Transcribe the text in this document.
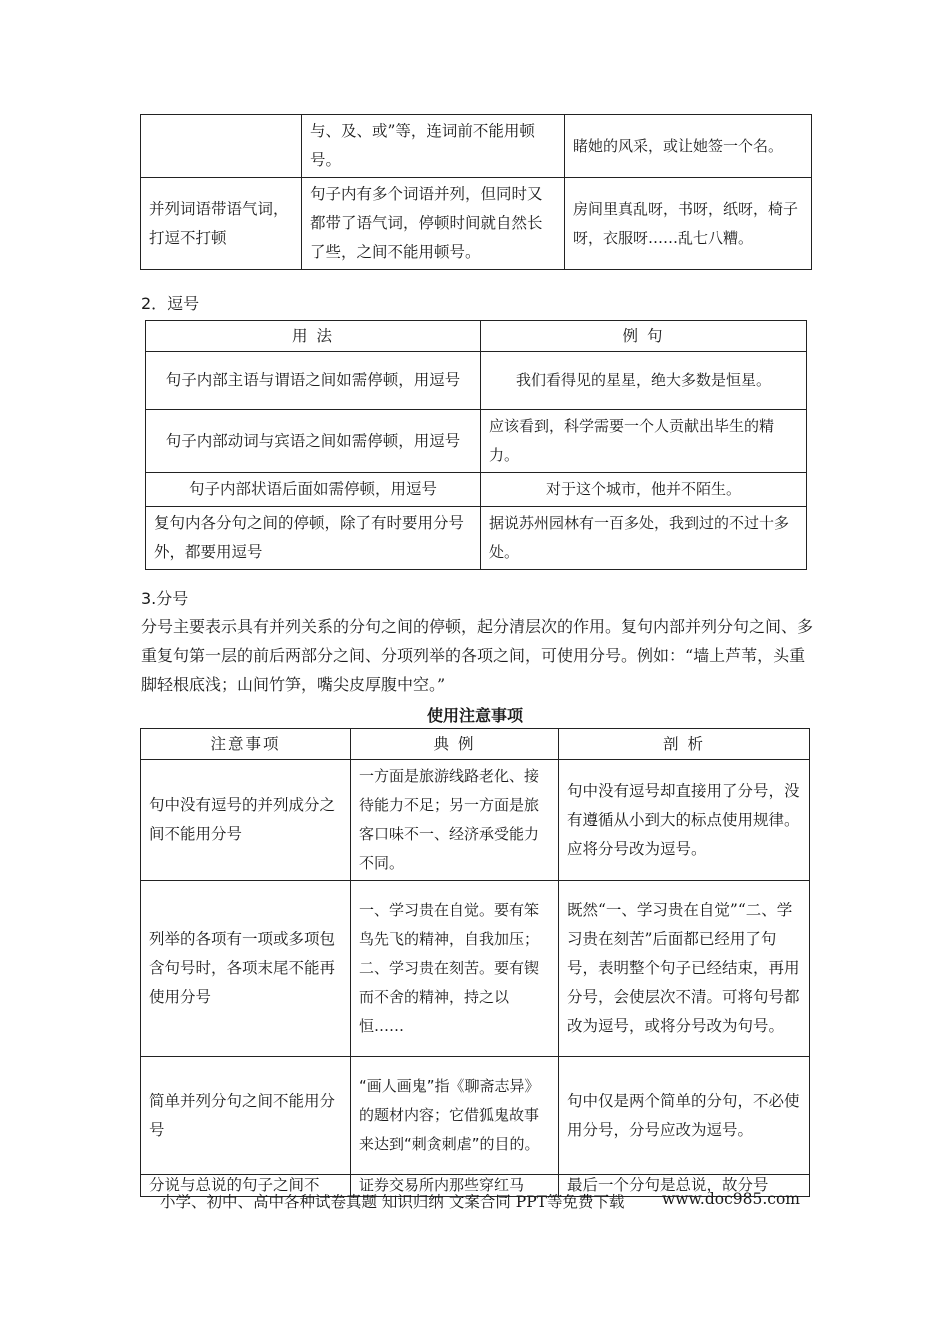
	与、及、或”等，连词前不能用顿号。	睹她的风采，或让她签一个名。
并列词语带语气词，打逗不打顿	句子内有多个词语并列，但同时又都带了语气词，停顿时间就自然长了些，之间不能用顿号。	房间里真乱呀，书呀，纸呀，椅子呀，衣服呀……乱七八糟。
2．逗号
用 法	例 句
句子内部主语与谓语之间如需停顿，用逗号	我们看得见的星星，绝大多数是恒星。
句子内部动词与宾语之间如需停顿，用逗号	应该看到，科学需要一个人贡献出毕生的精力。
句子内部状语后面如需停顿，用逗号	对于这个城市，他并不陌生。
复句内各分句之间的停顿，除了有时要用分号外，都要用逗号	据说苏州园林有一百多处，我到过的不过十多处。
3.分号
分号主要表示具有并列关系的分句之间的停顿，起分清层次的作用。复句内部并列分句之间、多重复句第一层的前后两部分之间、分项列举的各项之间，可使用分号。例如：“墙上芦苇，头重脚轻根底浅；山间竹笋，嘴尖皮厚腹中空。”
使用注意事项
注意事项	典 例	剖 析
句中没有逗号的并列成分之间不能用分号	一方面是旅游线路老化、接待能力不足；另一方面是旅客口味不一、经济承受能力不同。	句中没有逗号却直接用了分号，没有遵循从小到大的标点使用规律。应将分号改为逗号。
列举的各项有一项或多项包含句号时，各项末尾不能再使用分号	一、学习贵在自觉。要有笨鸟先飞的精神，自我加压；二、学习贵在刻苦。要有锲而不舍的精神，持之以恒……	既然“一、学习贵在自觉”“二、学习贵在刻苦”后面都已经用了句号，表明整个句子已经结束，再用分号，会使层次不清。可将句号都改为逗号，或将分号改为句号。
简单并列分句之间不能用分号	“画人画鬼”指《聊斋志异》的题材内容；它借狐鬼故事来达到“刺贪刺虐”的目的。	句中仅是两个简单的分句，不必使用分号，分号应改为逗号。
分说与总说的句子之间不	证券交易所内那些穿红马	最后一个分句是总说，故分号
小学、初中、高中各种试卷真题 知识归纳 文案合同 PPT等免费下载 www.doc985.com
